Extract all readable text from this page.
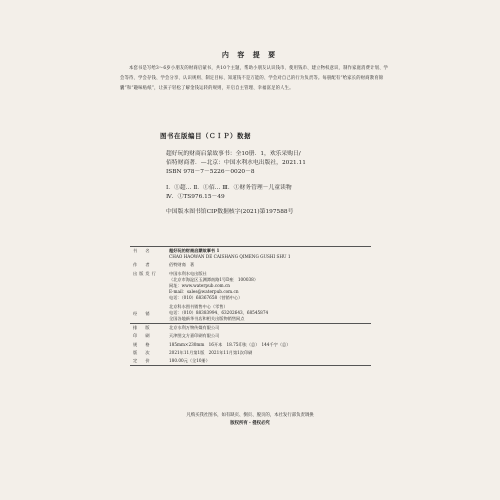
内 容 提 要
本套书是写给3～6岁小朋友的财商启蒙书，共10个主题，帮助小朋友认识钱币、使用钱币、建立物权意识、制作家庭消费计划、学会等待、学会存钱、学会分享、认识规则、制定目标、知道钱不是万能的、学会对自己的行为负责等。每册配有“给家长的财商教育锦囊”和“趣味贴纸”，让孩子轻松了解金钱运转的规则，开启自主管理、幸福富足的人生。
图书在版编目（ＣＩＰ）数据
超好玩的财商启蒙故事书：全10册．1，欢乐采购日/
佰特财商著．—北京：中国水利水电出版社，2021.11
ISBN 978－7－5226－0020－8
Ⅰ．①超… Ⅱ．①佰… Ⅲ．①财务管理－儿童读物
Ⅳ．①TS976.15－49
中国版本图书馆CIP数据核字(2021)第197588号
书　名	超好玩的财商启蒙故事书 1
CHAO HAOWAN DE CAISHANG QIMENG GUSHI SHU 1

作　者	佰特财商　著
出版发行	中国水利水电出版社
（北京市海淀区玉渊潭南路1号D座　100038）
网址：www.waterpub.com.cn
E-mail：sales@waterpub.com.cn
电话：（010）68367658（营销中心）

经　销	北京科水图书销售中心（零售）
电话：（010）88383994、63202643、68545874
全国各地新华书店和相关出版物销售网点

排　版	北京水利万物传媒有限公司
印　刷	天津图文方嘉印刷有限公司
规　格	185mm×230mm　16开本　18.75印张（总）　144千字（总）
版　次	2021年11月第1版　2021年11月第1次印刷
定　价	180.00元（全10册）
凡购买我社图书，如有缺页、倒页、脱页的，本社发行部负责调换
版权所有・侵权必究
